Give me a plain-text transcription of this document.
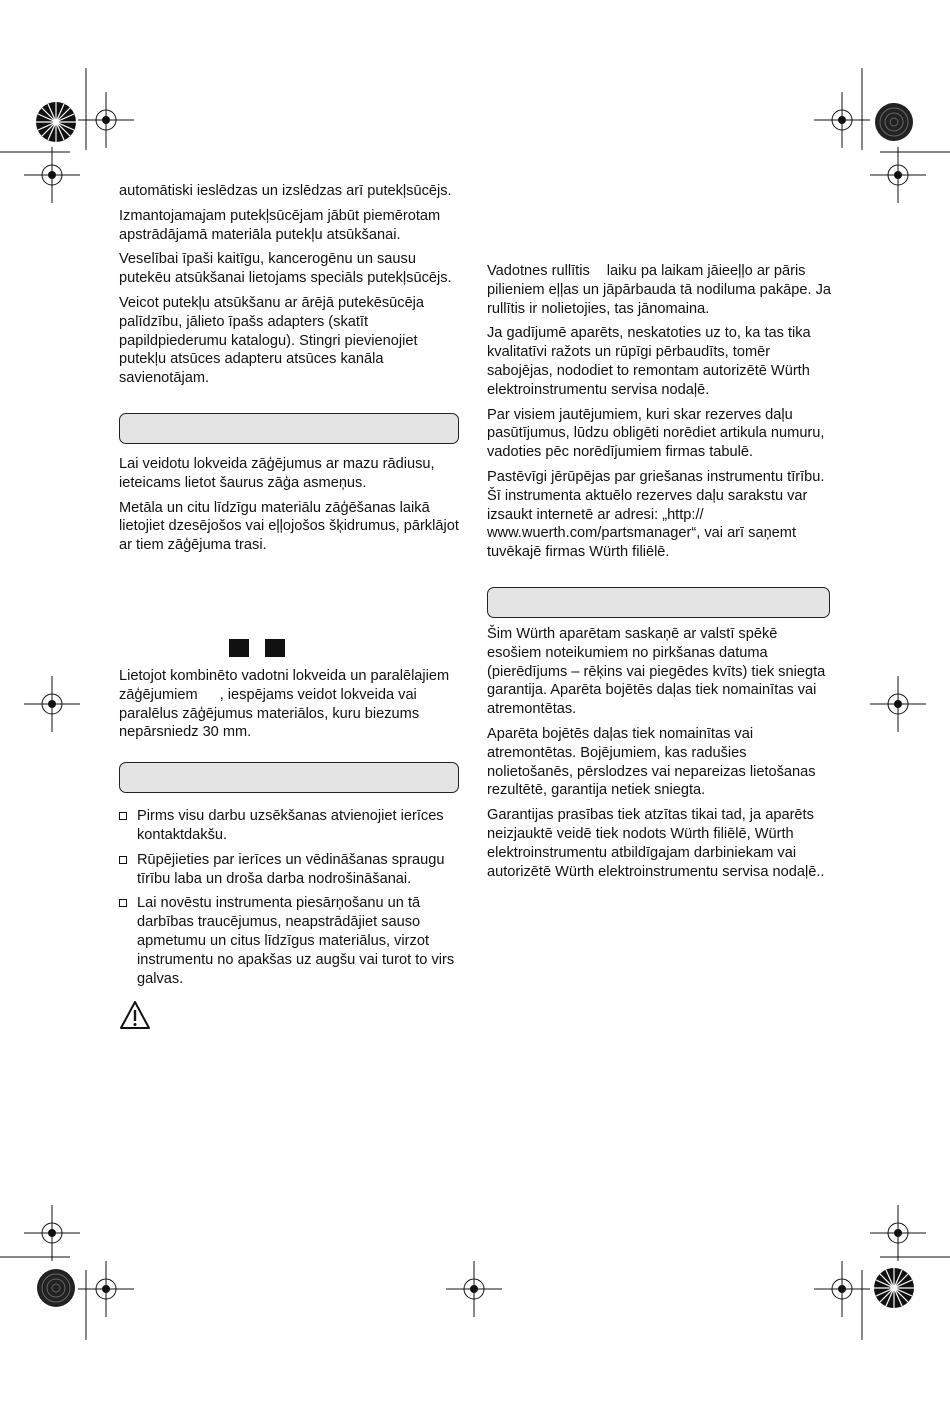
automātiski ieslēdzas un izslēdzas arī putekļsūcējs.

Izmantojamajam putekļsūcējam jābūt piemērotam apstrādājamā materiāla putekļu atsūkšanai.

Veselībai īpaši kaitīgu, kancerogēnu un sausu putekēu atsūkšanai lietojams speciāls putekļsūcējs.

Veicot putekļu atsūkšanu ar ārējā putekēsūcēja palīdzību, jālieto īpašs adapters (skatīt papildpiederumu katalogu). Stingri pievienojiet putekļu atsūces adapteru atsūces kanāla savienotājam.

Lai veidotu lokveida zāģējumus ar mazu rādiusu, ieteicams lietot šaurus zāģa asmeņus.

Metāla un citu līdzīgu materiālu zāģēšanas laikā lietojiet dzesējošos vai eļļojošos šķidrumus, pārklājot ar tiem zāģējuma trasi.

Lietojot kombinēto vadotni lokveida un paralēlajiem zāģējumiem , iespējams veidot lokveida vai paralēlus zāģējumus materiālos, kuru biezums nepārsniedz 30 mm.

Pirms visu darbu uzsēkšanas atvienojiet ierīces kontaktdakšu.
Rūpējieties par ierīces un vēdināšanas spraugu tīrību laba un droša darba nodrošināšanai.
Lai novēstu instrumenta piesārņošanu un tā darbības traucējumus, neapstrādājiet sauso apmetumu un citus līdzīgus materiālus, virzot instrumentu no apakšas uz augšu vai turot to virs galvas.

Vadotnes rullītis laiku pa laikam jāieeļļo ar pāris pilieniem eļļas un jāpārbauda tā nodiluma pakāpe. Ja rullītis ir nolietojies, tas jānomaina.

Ja gadījumē aparēts, neskatoties uz to, ka tas tika kvalitatīvi ražots un rūpīgi pērbaudīts, tomēr sabojējas, nododiet to remontam autorizētē Würth elektroinstrumentu servisa nodaļē.

Par visiem jautējumiem, kuri skar rezerves daļu pasūtījumus, lūdzu obligēti norēdiet artikula numuru, vadoties pēc norēdījumiem firmas tabulē.

Pastēvīgi jērūpējas par griešanas instrumentu tīrību. Šī instrumenta aktuēlo rezerves daļu sarakstu var izsaukt internetē ar adresi: „http:// www.wuerth.com/partsmanager“, vai arī saņemt tuvēkajē firmas Würth filiēlē.

Šim Würth aparētam saskaņē ar valstī spēkē esošiem noteikumiem no pirkšanas datuma (pierēdījums – rēķins vai piegēdes kvīts) tiek sniegta garantija. Aparēta bojētēs daļas tiek nomainītas vai atremontētas.

Aparēta bojētēs daļas tiek nomainītas vai atremontētas. Bojējumiem, kas radušies nolietošanēs, pērslodzes vai nepareizas lietošanas rezultētē, garantija netiek sniegta.

Garantijas prasības tiek atzītas tikai tad, ja aparēts neizjauktē veidē tiek nodots Würth filiēlē, Würth elektroinstrumentu atbildīgajam darbiniekam vai autorizētē Würth elektroinstrumentu servisa nodaļē..
